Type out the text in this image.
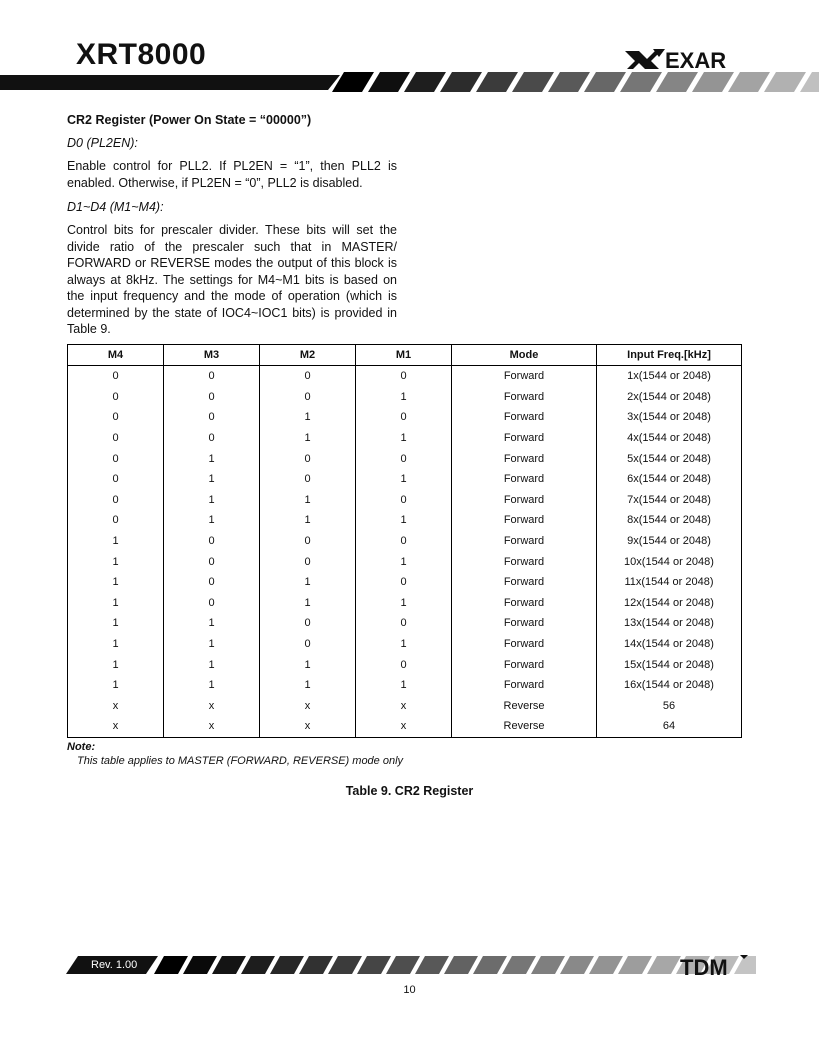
XRT8000	EXAR
CR2 Register (Power On State = “00000”)
D0 (PL2EN):
Enable control for PLL2. If PL2EN = “1”, then PLL2 is enabled. Otherwise, if PL2EN = “0”, PLL2 is disabled.
D1~D4 (M1~M4):
Control bits for prescaler divider. These bits will set the divide ratio of the prescaler such that in MASTER/ FORWARD or REVERSE modes the output of this block is always at 8kHz. The settings for M4~M1 bits is based on the input frequency and the mode of operation (which is determined by the state of IOC4~IOC1 bits) is provided in Table 9.
M4	M3	M2	M1	Mode	Input Freq.[kHz]
0	0	0	0	Forward	1x(1544 or 2048)
0	0	0	1	Forward	2x(1544 or 2048)
0	0	1	0	Forward	3x(1544 or 2048)
0	0	1	1	Forward	4x(1544 or 2048)
0	1	0	0	Forward	5x(1544 or 2048)
0	1	0	1	Forward	6x(1544 or 2048)
0	1	1	0	Forward	7x(1544 or 2048)
0	1	1	1	Forward	8x(1544 or 2048)
1	0	0	0	Forward	9x(1544 or 2048)
1	0	0	1	Forward	10x(1544 or 2048)
1	0	1	0	Forward	11x(1544 or 2048)
1	0	1	1	Forward	12x(1544 or 2048)
1	1	0	0	Forward	13x(1544 or 2048)
1	1	0	1	Forward	14x(1544 or 2048)
1	1	1	0	Forward	15x(1544 or 2048)
1	1	1	1	Forward	16x(1544 or 2048)
x	x	x	x	Reverse	56
x	x	x	x	Reverse	64
Note:
This table applies to MASTER (FORWARD, REVERSE) mode only
Table 9. CR2 Register
Rev. 1.00	TDM
10
